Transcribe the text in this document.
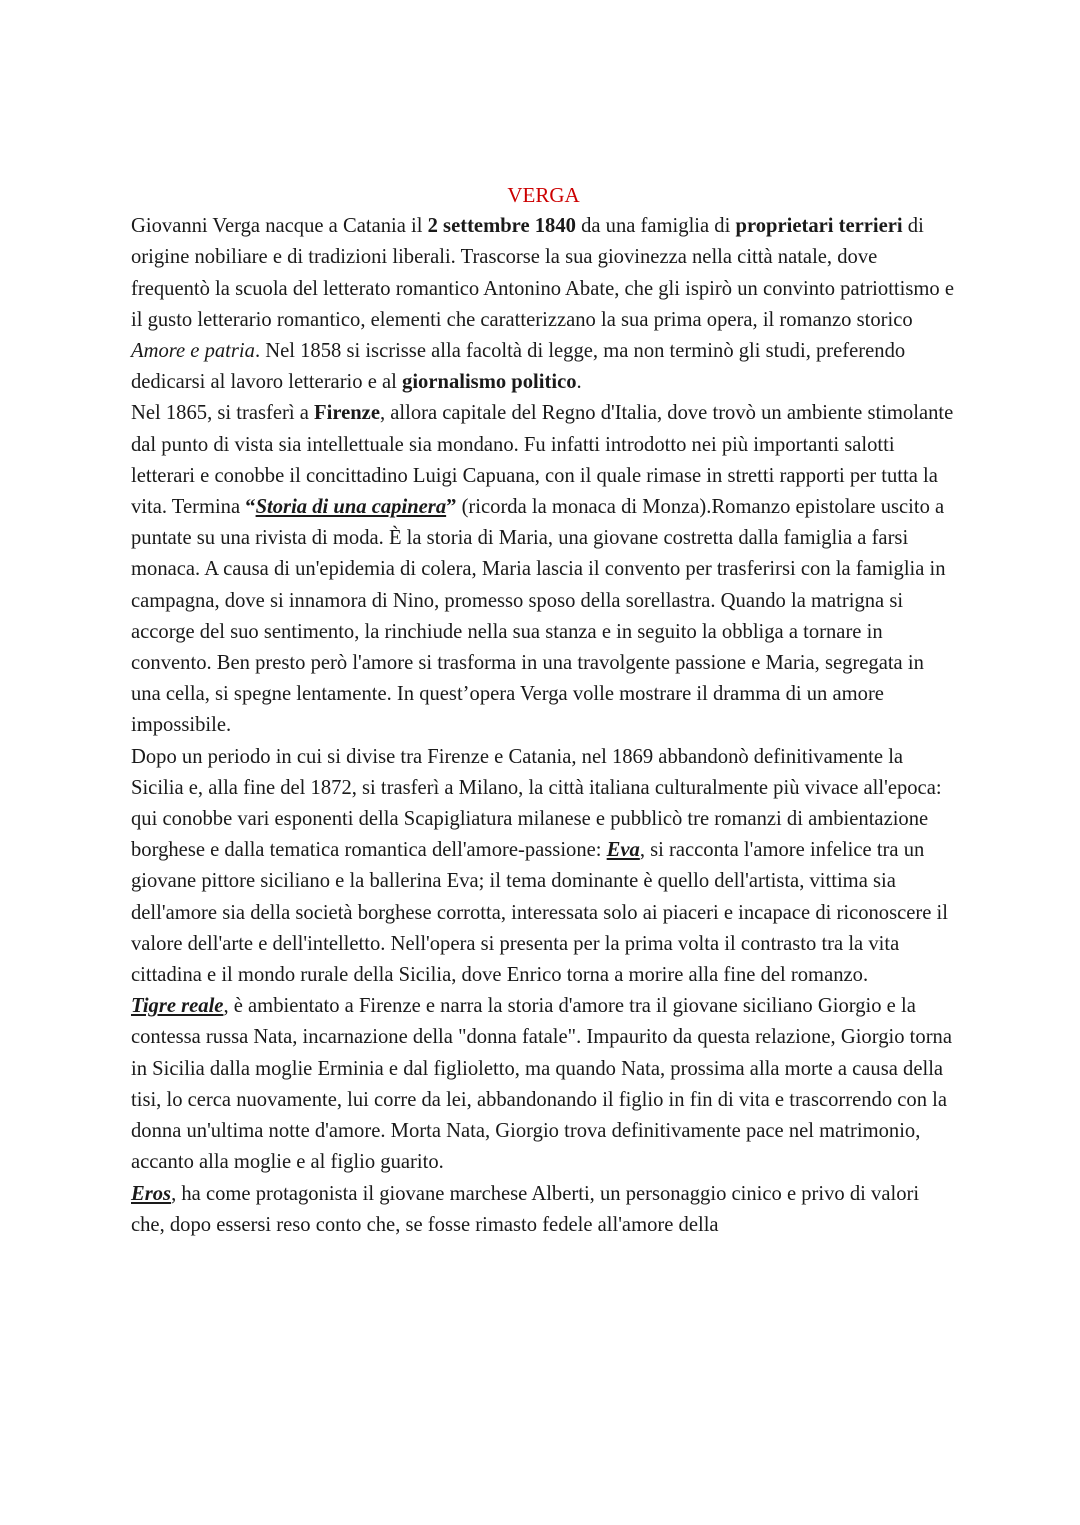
VERGA

Giovanni Verga nacque a Catania il 2 settembre 1840 da una famiglia di proprietari terrieri di origine nobiliare e di tradizioni liberali. Trascorse la sua giovinezza nella città natale, dove frequentò la scuola del letterato romantico Antonino Abate, che gli ispirò un convinto patriottismo e il gusto letterario romantico, elementi che caratterizzano la sua prima opera, il romanzo storico Amore e patria. Nel 1858 si iscrisse alla facoltà di legge, ma non terminò gli studi, preferendo dedicarsi al lavoro letterario e al giornalismo politico.

Nel 1865, si trasferì a Firenze, allora capitale del Regno d'Italia, dove trovò un ambiente stimolante dal punto di vista sia intellettuale sia mondano. Fu infatti introdotto nei più importanti salotti letterari e conobbe il concittadino Luigi Capuana, con il quale rimase in stretti rapporti per tutta la vita. Termina “Storia di una capinera” (ricorda la monaca di Monza).Romanzo epistolare uscito a puntate su una rivista di moda. È la storia di Maria, una giovane costretta dalla famiglia a farsi monaca. A causa di un'epidemia di colera, Maria lascia il convento per trasferirsi con la famiglia in campagna, dove si innamora di Nino, promesso sposo della sorellastra. Quando la matrigna si accorge del suo sentimento, la rinchiude nella sua stanza e in seguito la obbliga a tornare in convento. Ben presto però l'amore si trasforma in una travolgente passione e Maria, segregata in una cella, si spegne lentamente. In quest’opera Verga volle mostrare il dramma di un amore impossibile.

Dopo un periodo in cui si divise tra Firenze e Catania, nel 1869 abbandonò definitivamente la Sicilia e, alla fine del 1872, si trasferì a Milano, la città italiana culturalmente più vivace all'epoca: qui conobbe vari esponenti della Scapigliatura milanese e pubblicò tre romanzi di ambientazione borghese e dalla tematica romantica dell'amore-passione: Eva, si racconta l'amore infelice tra un giovane pittore siciliano e la ballerina Eva; il tema dominante è quello dell'artista, vittima sia dell'amore sia della società borghese corrotta, interessata solo ai piaceri e incapace di riconoscere il valore dell'arte e dell'intelletto. Nell'opera si presenta per la prima volta il contrasto tra la vita cittadina e il mondo rurale della Sicilia, dove Enrico torna a morire alla fine del romanzo.

Tigre reale, è ambientato a Firenze e narra la storia d'amore tra il giovane siciliano Giorgio e la contessa russa Nata, incarnazione della "donna fatale". Impaurito da questa relazione, Giorgio torna in Sicilia dalla moglie Erminia e dal figlioletto, ma quando Nata, prossima alla morte a causa della tisi, lo cerca nuovamente, lui corre da lei, abbandonando il figlio in fin di vita e trascorrendo con la donna un'ultima notte d'amore. Morta Nata, Giorgio trova definitivamente pace nel matrimonio, accanto alla moglie e al figlio guarito.

Eros, ha come protagonista il giovane marchese Alberti, un personaggio cinico e privo di valori che, dopo essersi reso conto che, se fosse rimasto fedele all'amore della
